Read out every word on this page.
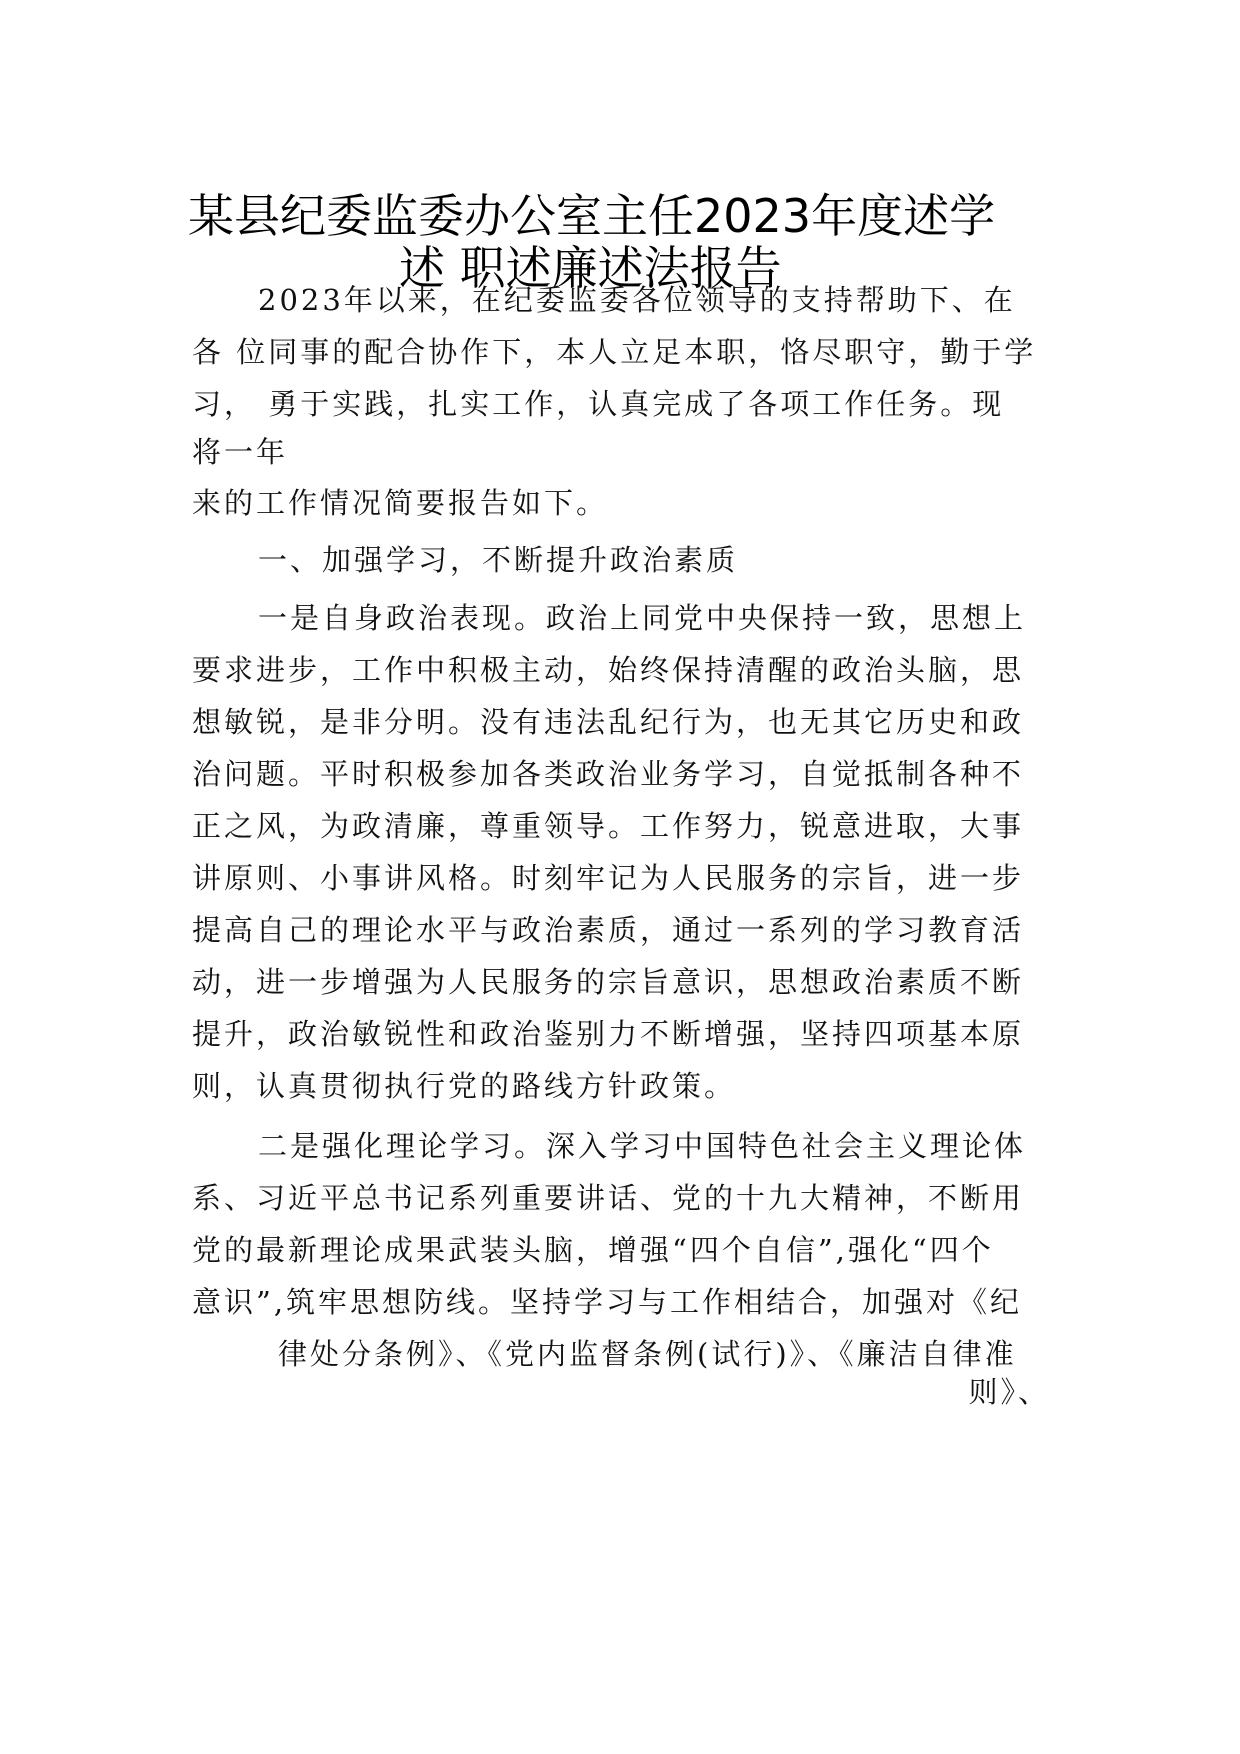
某县纪委监委办公室主任2023年度述学
述 职述廉述法报告

2023年以来，在纪委监委各位领导的支持帮助下、在

各 位同事的配合协作下，本人立足本职，恪尽职守，勤于学

习， 勇于实践，扎实工作，认真完成了各项工作任务。现

将一年

来的工作情况简要报告如下。

一、加强学习，不断提升政治素质

一是自身政治表现。政治上同党中央保持一致，思想上

要求进步，工作中积极主动，始终保持清醒的政治头脑，思

想敏锐，是非分明。没有违法乱纪行为，也无其它历史和政

治问题。平时积极参加各类政治业务学习，自觉抵制各种不

正之风，为政清廉，尊重领导。工作努力，锐意进取，大事

讲原则、小事讲风格。时刻牢记为人民服务的宗旨，进一步

提高自己的理论水平与政治素质，通过一系列的学习教育活

动，进一步增强为人民服务的宗旨意识，思想政治素质不断

提升，政治敏锐性和政治鉴别力不断增强，坚持四项基本原

则，认真贯彻执行党的路线方针政策。

二是强化理论学习。深入学习中国特色社会主义理论体

系、习近平总书记系列重要讲话、党的十九大精神，不断用

党的最新理论成果武装头脑，增强“四个自信”,强化“四个

意识”,筑牢思想防线。坚持学习与工作相结合，加强对《纪

律处分条例》、《党内监督条例(试行)》、《廉洁自律准

则》、
